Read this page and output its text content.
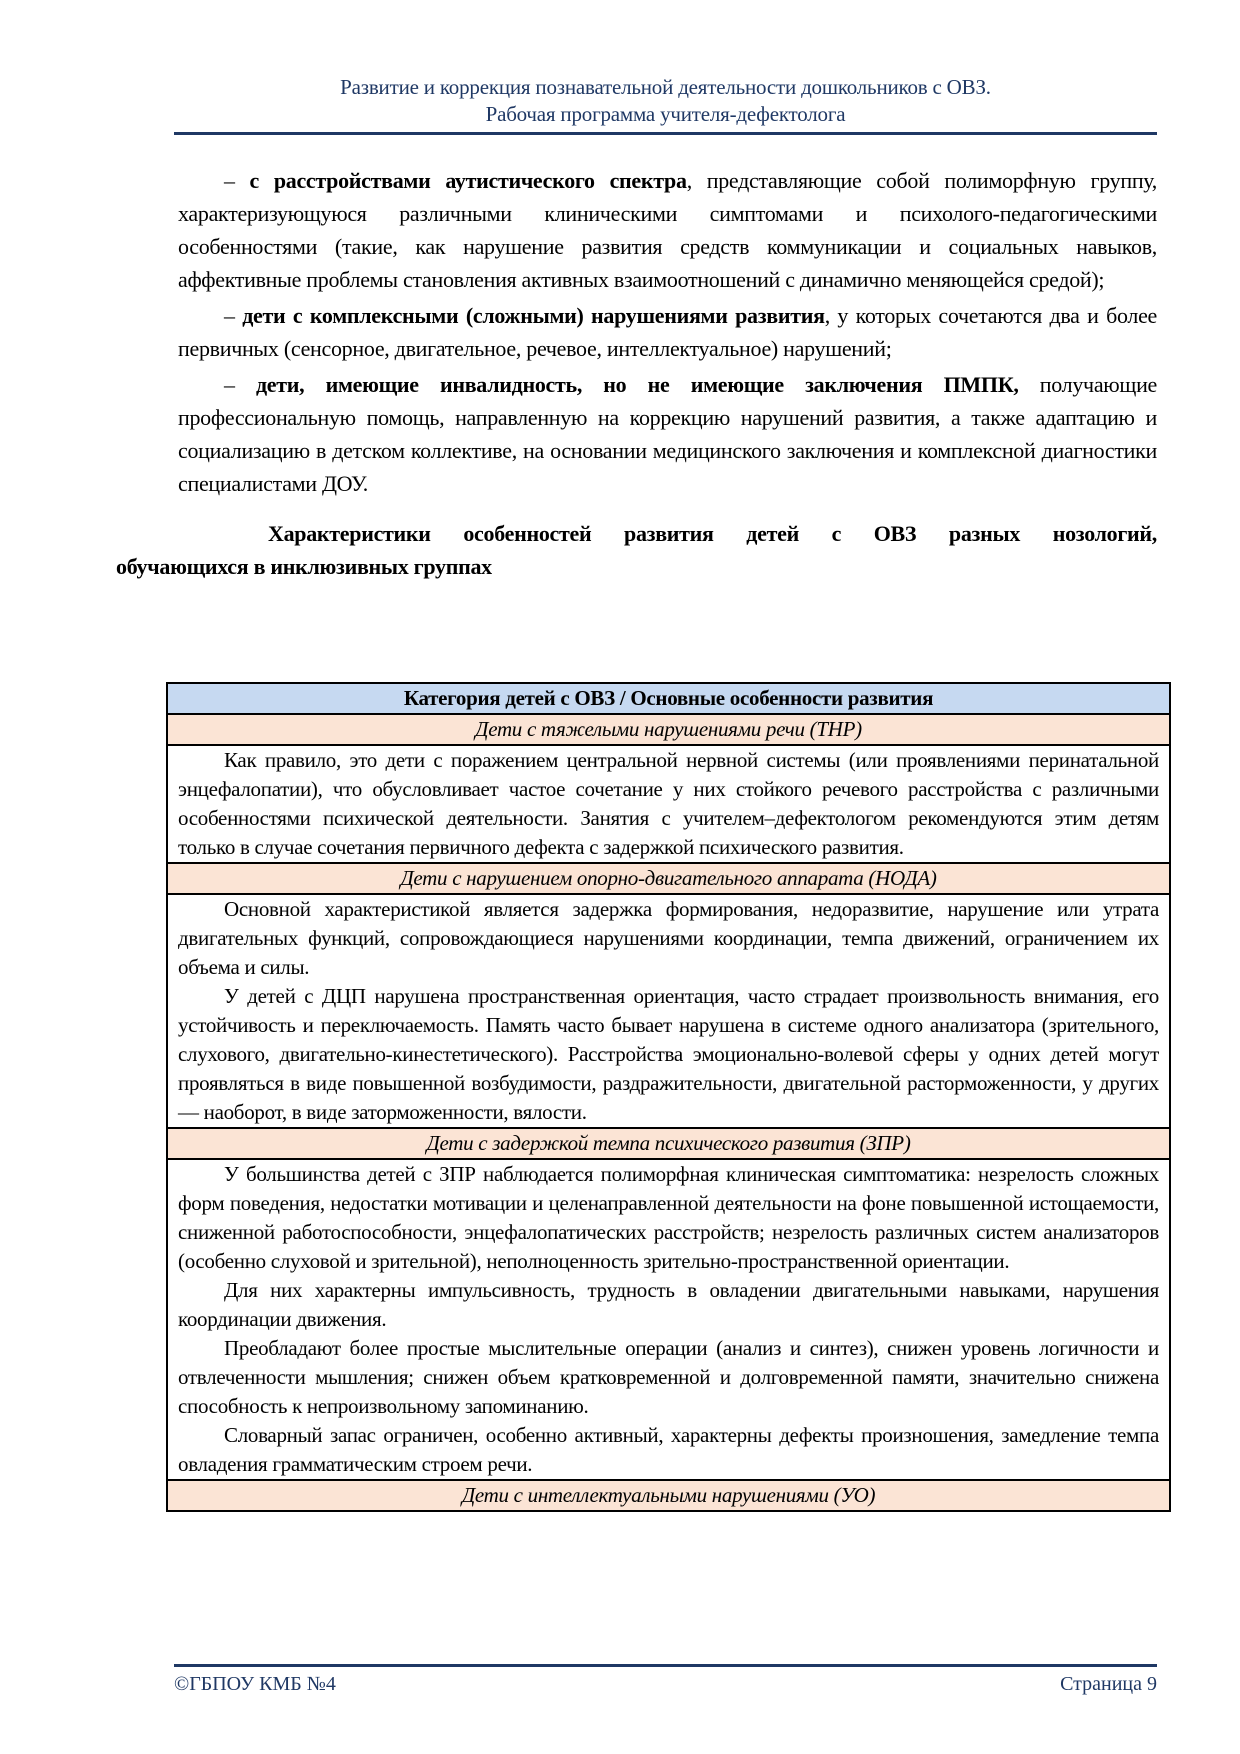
Развитие и коррекция познавательной деятельности дошкольников с ОВЗ.
Рабочая программа учителя-дефектолога

– с расстройствами аутистического спектра, представляющие собой полиморфную группу, характеризующуюся различными клиническими симптомами и психолого-педагогическими особенностями (такие, как нарушение развития средств коммуникации и социальных навыков, аффективные проблемы становления активных взаимоотношений с динамично меняющейся средой);

– дети с комплексными (сложными) нарушениями развития, у которых сочетаются два и более первичных (сенсорное, двигательное, речевое, интеллектуальное) нарушений;

– дети, имеющие инвалидность, но не имеющие заключения ПМПК, получающие профессиональную помощь, направленную на коррекцию нарушений развития, а также адаптацию и социализацию в детском коллективе, на основании медицинского заключения и комплексной диагностики специалистами ДОУ.

Характеристики особенностей развития детей с ОВЗ разных нозологий,
обучающихся в инклюзивных группах

Категория детей с ОВЗ / Основные особенности развития
Дети с тяжелыми нарушениями речи (ТНР)

Как правило, это дети с поражением центральной нервной системы (или проявлениями перинатальной энцефалопатии), что обусловливает частое сочетание у них стойкого речевого расстройства с различными особенностями психической деятельности. Занятия с учителем–дефектологом рекомендуются этим детям только в случае сочетания первичного дефекта с задержкой психического развития.

Дети с нарушением опорно-двигательного аппарата (НОДА)

Основной характеристикой является задержка формирования, недоразвитие, нарушение или утрата двигательных функций, сопровождающиеся нарушениями координации, темпа движений, ограничением их объема и силы.

У детей с ДЦП нарушена пространственная ориентация, часто страдает произвольность внимания, его устойчивость и переключаемость. Память часто бывает нарушена в системе одного анализатора (зрительного, слухового, двигательно-кинестетического). Расстройства эмоционально-волевой сферы у одних детей могут проявляться в виде повышенной возбудимости, раздражительности, двигательной расторможенности, у других — наоборот, в виде заторможенности, вялости.

Дети с задержкой темпа психического развития (ЗПР)

У большинства детей с ЗПР наблюдается полиморфная клиническая симптоматика: незрелость сложных форм поведения, недостатки мотивации и целенаправленной деятельности на фоне повышенной истощаемости, сниженной работоспособности, энцефалопатических расстройств; незрелость различных систем анализаторов (особенно слуховой и зрительной), неполноценность зрительно-пространственной ориентации.

Для них характерны импульсивность, трудность в овладении двигательными навыками, нарушения координации движения.

Преобладают более простые мыслительные операции (анализ и синтез), снижен уровень логичности и отвлеченности мышления; снижен объем кратковременной и долговременной памяти, значительно снижена способность к непроизвольному запоминанию.

Словарный запас ограничен, особенно активный, характерны дефекты произношения, замедление темпа овладения грамматическим строем речи.

Дети с интеллектуальными нарушениями (УО)
©ГБПОУ КМБ №4	Страница 9
